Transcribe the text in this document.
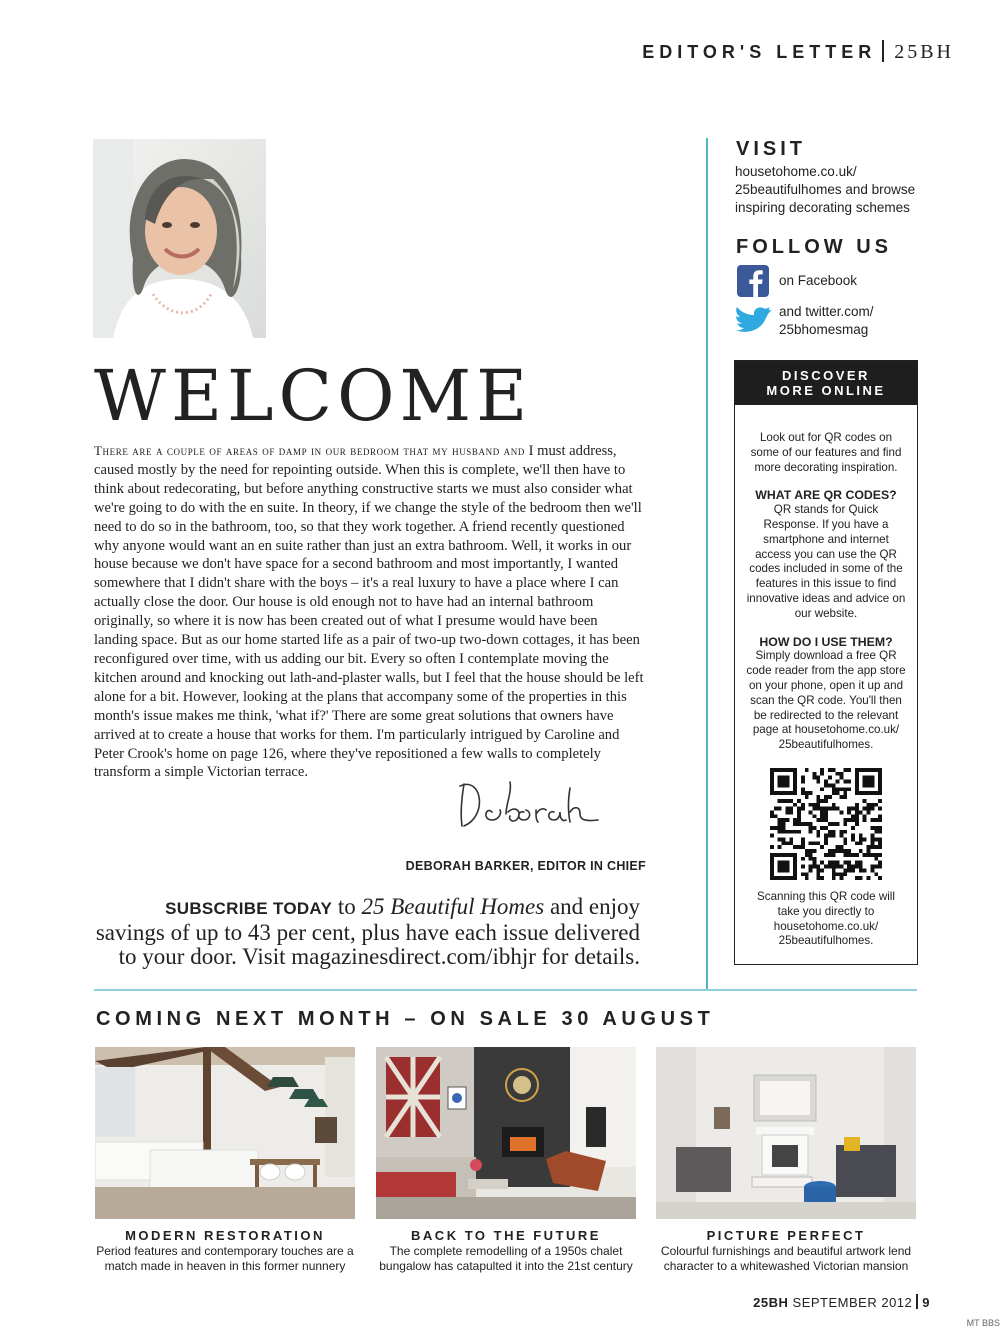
EDITOR'S LETTER 25BH
WELCOME
There are a couple of areas of damp in our bedroom that my husband and I must address, caused mostly by the need for repointing outside. When this is complete, we'll then have to think about redecorating, but before anything constructive starts we must also consider what we're going to do with the en suite. In theory, if we change the style of the bedroom then we'll need to do so in the bathroom, too, so that they work together. A friend recently questioned why anyone would want an en suite rather than just an extra bathroom. Well, it works in our house because we don't have space for a second bathroom and most importantly, I wanted somewhere that I didn't share with the boys – it's a real luxury to have a place where I can actually close the door. Our house is old enough not to have had an internal bathroom originally, so where it is now has been created out of what I presume would have been landing space. But as our home started life as a pair of two-up two-down cottages, it has been reconfigured over time, with us adding our bit. Every so often I contemplate moving the kitchen around and knocking out lath-and-plaster walls, but I feel that the house should be left alone for a bit. However, looking at the plans that accompany some of the properties in this month's issue makes me think, 'what if?' There are some great solutions that owners have arrived at to create a house that works for them. I'm particularly intrigued by Caroline and Peter Crook's home on page 126, where they've repositioned a few walls to completely transform a simple Victorian terrace.
DEBORAH BARKER, EDITOR IN CHIEF
SUBSCRIBE TODAY to 25 Beautiful Homes and enjoy savings of up to 43 per cent, plus have each issue delivered to your door. Visit magazinesdirect.com/ibhjr for details.
VISIT
housetohome.co.uk/
25beautifulhomes and browse
inspiring decorating schemes
FOLLOW US
on Facebook
and twitter.com/
25bhomesmag
DISCOVER
MORE ONLINE

Look out for QR codes on some of our features and find more decorating inspiration.

WHAT ARE QR CODES?

QR stands for Quick Response. If you have a smartphone and internet access you can use the QR codes included in some of the features in this issue to find innovative ideas and advice on our website.

HOW DO I USE THEM?

Simply download a free QR code reader from the app store on your phone, open it up and scan the QR code. You'll then be redirected to the relevant page at housetohome.co.uk/ 25beautifulhomes.

Scanning this QR code will take you directly to housetohome.co.uk/ 25beautifulhomes.

COMING NEXT MONTH – ON SALE 30 AUGUST
MODERN RESTORATION
Period features and contemporary touches are a match made in heaven in this former nunnery
BACK TO THE FUTURE
The complete remodelling of a 1950s chalet bungalow has catapulted it into the 21st century
PICTURE PERFECT
Colourful furnishings and beautiful artwork lend character to a whitewashed Victorian mansion
25BH SEPTEMBER 2012 9
MT BBS
